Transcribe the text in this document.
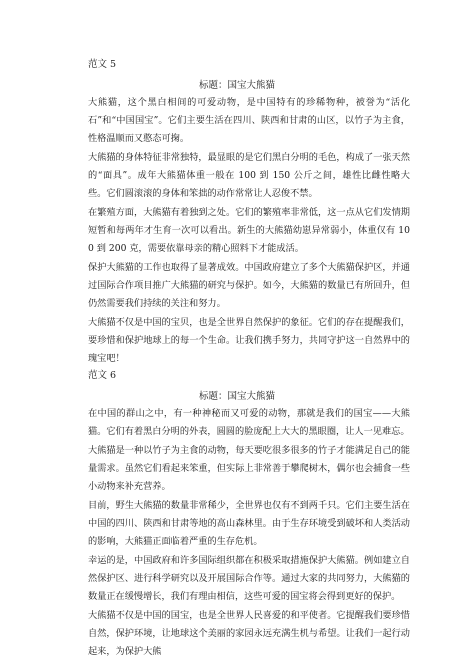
范文 5
标题：国宝大熊猫

大熊猫，这个黑白相间的可爱动物，是中国特有的珍稀物种，被誉为“活化石”和“中国国宝”。它们主要生活在四川、陕西和甘肃的山区，以竹子为主食，性格温顺而又憨态可掬。

大熊猫的身体特征非常独特，最显眼的是它们黑白分明的毛色，构成了一张天然的“面具”。成年大熊猫体重一般在 100 到 150 公斤之间，雄性比雌性略大些。它们圆滚滚的身体和笨拙的动作常常让人忍俊不禁。

在繁殖方面，大熊猫有着独到之处。它们的繁殖率非常低，这一点从它们发情期短暂和每两年才生育一次可以看出。新生的大熊猫幼崽异常弱小，体重仅有 100 到 200 克，需要依靠母亲的精心照料下才能成活。

保护大熊猫的工作也取得了显著成效。中国政府建立了多个大熊猫保护区，并通过国际合作项目推广大熊猫的研究与保护。如今，大熊猫的数量已有所回升，但仍然需要我们持续的关注和努力。

大熊猫不仅是中国的宝贝，也是全世界自然保护的象征。它们的存在提醒我们，要珍惜和保护地球上的每一个生命。让我们携手努力，共同守护这一自然界中的瑰宝吧！

范文 6
标题：国宝大熊猫

在中国的群山之中，有一种神秘而又可爱的动物，那就是我们的国宝——大熊猫。它们有着黑白分明的外表，圆圆的脸庞配上大大的黑眼圈，让人一见难忘。

大熊猫是一种以竹子为主食的动物，每天要吃很多很多的竹子才能满足自己的能量需求。虽然它们看起来笨重，但实际上非常善于攀爬树木，偶尔也会捕食一些小动物来补充营养。

目前，野生大熊猫的数量非常稀少，全世界也仅有不到两千只。它们主要生活在中国的四川、陕西和甘肃等地的高山森林里。由于生存环境受到破坏和人类活动的影响，大熊猫正面临着严重的生存危机。

幸运的是，中国政府和许多国际组织都在积极采取措施保护大熊猫。例如建立自然保护区、进行科学研究以及开展国际合作等。通过大家的共同努力，大熊猫的数量正在缓慢增长，我们有理由相信，这些可爱的国宝将会得到更好的保护。

大熊猫不仅是中国的国宝，也是全世界人民喜爱的和平使者。它提醒我们要珍惜自然，保护环境，让地球这个美丽的家园永远充满生机与希望。让我们一起行动起来，为保护大熊
